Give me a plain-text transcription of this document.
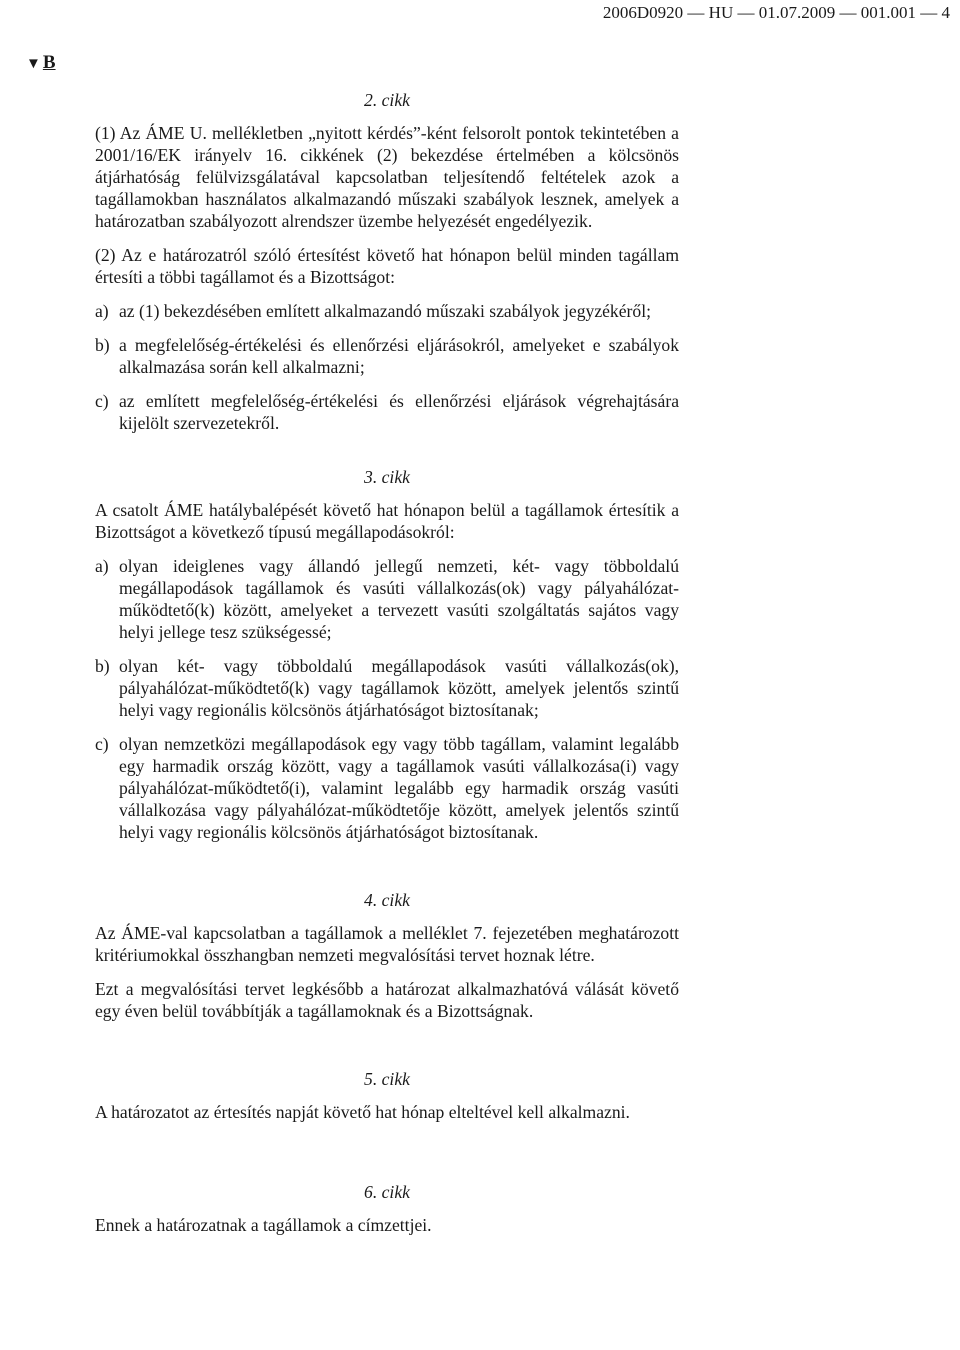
2006D0920 — HU — 01.07.2009 — 001.001 — 4
▼ B
2. cikk
(1) Az ÁME U. mellékletben „nyitott kérdés”-ként felsorolt pontok tekintetében a 2001/16/EK irányelv 16. cikkének (2) bekezdése értelmében a kölcsönös átjárhatóság felülvizsgálatával kapcsolatban teljesítendő feltételek azok a tagállamokban használatos alkalmazandó műszaki szabályok lesznek, amelyek a határozatban szabályozott alrendszer üzembe helyezését engedélyezik.
(2) Az e határozatról szóló értesítést követő hat hónapon belül minden tagállam értesíti a többi tagállamot és a Bizottságot:
a) az (1) bekezdésében említett alkalmazandó műszaki szabályok jegyzékéről;
b) a megfelelőség-értékelési és ellenőrzési eljárásokról, amelyeket e szabályok alkalmazása során kell alkalmazni;
c) az említett megfelelőség-értékelési és ellenőrzési eljárások végrehajtására kijelölt szervezetekről.
3. cikk
A csatolt ÁME hatálybalépését követő hat hónapon belül a tagállamok értesítik a Bizottságot a következő típusú megállapodásokról:
a) olyan ideiglenes vagy állandó jellegű nemzeti, két- vagy többoldalú megállapodások tagállamok és vasúti vállalkozás(ok) vagy pályahálózat-működtető(k) között, amelyeket a tervezett vasúti szolgáltatás sajátos vagy helyi jellege tesz szükségessé;
b) olyan két- vagy többoldalú megállapodások vasúti vállalkozás(ok), pályahálózat-működtető(k) vagy tagállamok között, amelyek jelentős szintű helyi vagy regionális kölcsönös átjárhatóságot biztosítanak;
c) olyan nemzetközi megállapodások egy vagy több tagállam, valamint legalább egy harmadik ország között, vagy a tagállamok vasúti vállalkozása(i) vagy pályahálózat-működtető(i), valamint legalább egy harmadik ország vasúti vállalkozása vagy pályahálózat-működtetője között, amelyek jelentős szintű helyi vagy regionális kölcsönös átjárhatóságot biztosítanak.
4. cikk
Az ÁME-val kapcsolatban a tagállamok a melléklet 7. fejezetében meghatározott kritériumokkal összhangban nemzeti megvalósítási tervet hoznak létre.
Ezt a megvalósítási tervet legkésőbb a határozat alkalmazhatóvá válását követő egy éven belül továbbítják a tagállamoknak és a Bizottságnak.
5. cikk
A határozatot az értesítés napját követő hat hónap elteltével kell alkalmazni.
6. cikk
Ennek a határozatnak a tagállamok a címzettjei.
